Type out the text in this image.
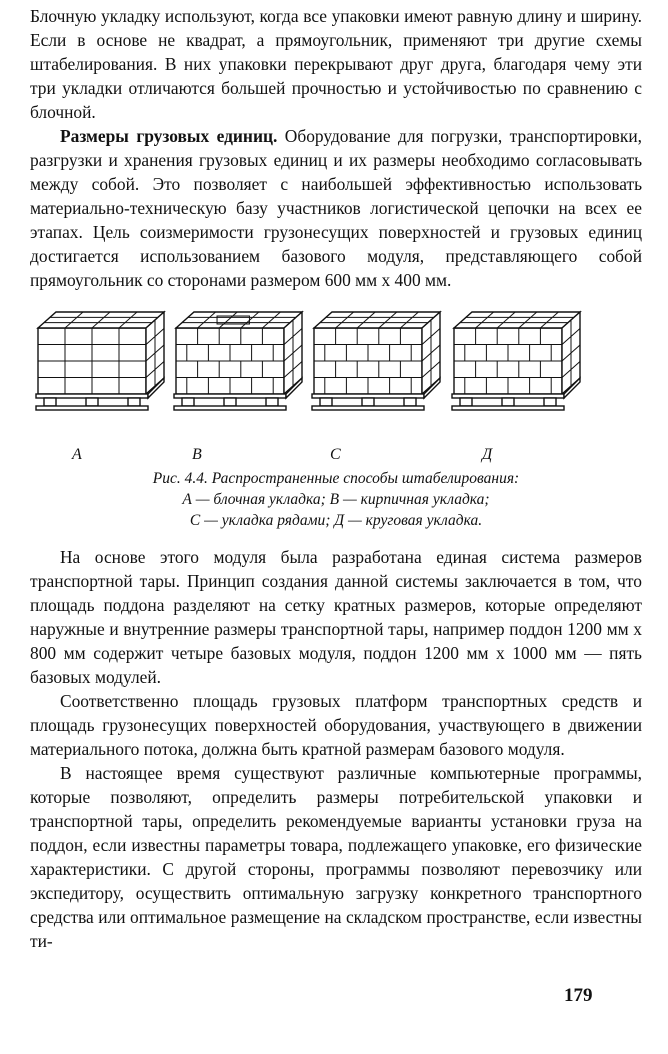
Блочную укладку используют, когда все упаковки имеют равную длину и ширину. Если в основе не квадрат, а прямоугольник, применяют три другие схемы штабелирования. В них упаковки перекрывают друг друга, благодаря чему эти три укладки отличаются большей прочностью и устойчивостью по сравнению с блочной.

Размеры грузовых единиц. Оборудование для погрузки, транспортировки, разгрузки и хранения грузовых единиц и их размеры необходимо согласовывать между собой. Это позволяет с наибольшей эффективностью использовать материально-техническую базу участников логистической цепочки на всех ее этапах. Цель соизмеримости грузонесущих поверхностей и грузовых единиц достигается использованием базового модуля, представляющего собой прямоугольник со сторонами размером 600 мм x 400 мм.

А	В	С	Д

Рис. 4.4. Распространенные способы штабелирования:
А — блочная укладка; В — кирпичная укладка;
С — укладка рядами; Д — круговая укладка.

На основе этого модуля была разработана единая система размеров транспортной тары. Принцип создания данной системы заключается в том, что площадь поддона разделяют на сетку кратных размеров, которые определяют наружные и внутренние размеры транспортной тары, например поддон 1200 мм x 800 мм содержит четыре базовых модуля, поддон 1200 мм x 1000 мм — пять базовых модулей.

Соответственно площадь грузовых платформ транспортных средств и площадь грузонесущих поверхностей оборудования, участвующего в движении материального потока, должна быть кратной размерам базового модуля.

В настоящее время существуют различные компьютерные программы, которые позволяют, определить размеры потребительской упаковки и транспортной тары, определить рекомендуемые варианты установки груза на поддон, если известны параметры товара, подлежащего упаковке, его физические характеристики. С другой стороны, программы позволяют перевозчику или экспедитору, осуществить оптимальную загрузку конкретного транспортного средства или оптимальное размещение на складском пространстве, если известны ти-

179
